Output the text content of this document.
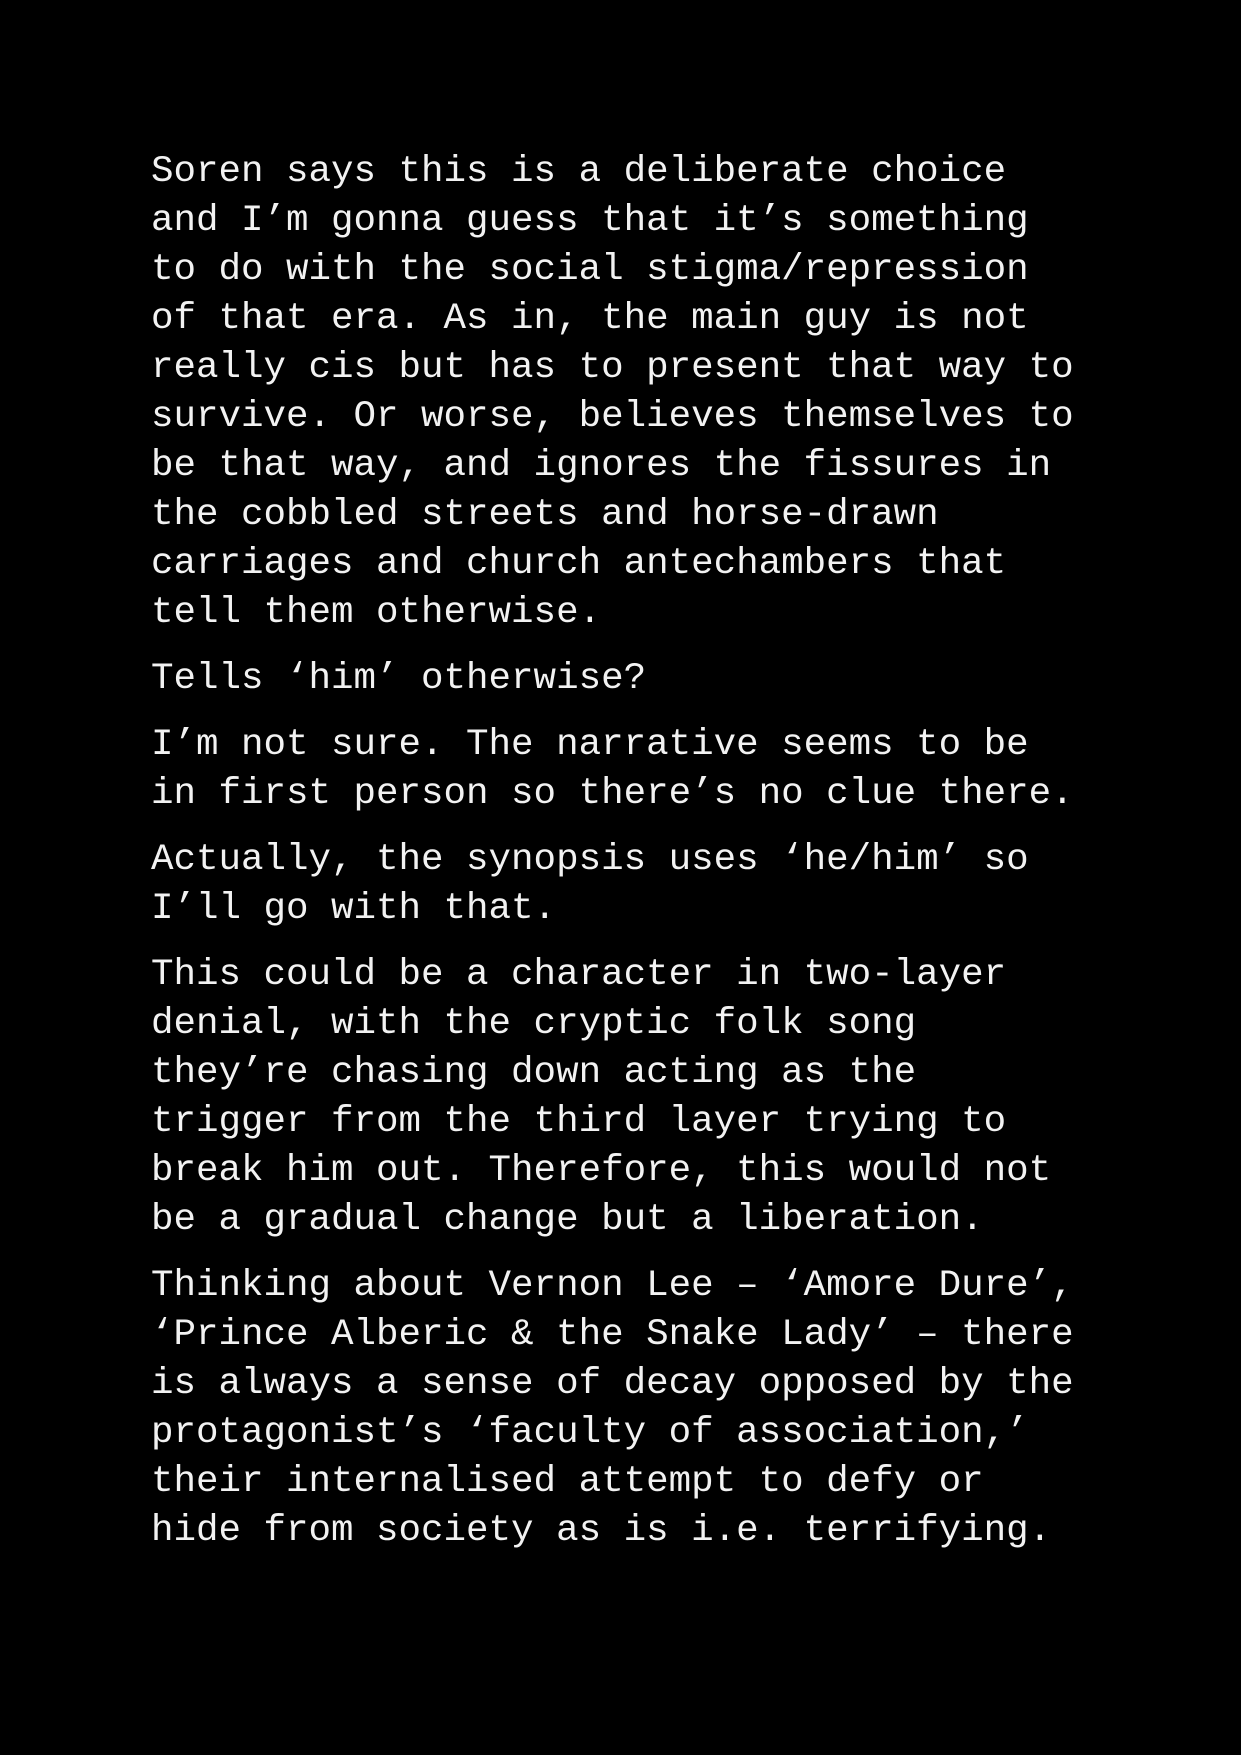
Soren says this is a deliberate choice
and I’m gonna guess that it’s something
to do with the social stigma/repression
of that era. As in, the main guy is not
really cis but has to present that way to
survive. Or worse, believes themselves to
be that way, and ignores the fissures in
the cobbled streets and horse-drawn
carriages and church antechambers that
tell them otherwise.

Tells ‘him’ otherwise?

I’m not sure. The narrative seems to be
in first person so there’s no clue there.

Actually, the synopsis uses ‘he/him’ so
I’ll go with that.

This could be a character in two-layer
denial, with the cryptic folk song
they’re chasing down acting as the
trigger from the third layer trying to
break him out. Therefore, this would not
be a gradual change but a liberation.

Thinking about Vernon Lee – ‘Amore Dure’,
‘Prince Alberic & the Snake Lady’ – there
is always a sense of decay opposed by the
protagonist’s ‘faculty of association,’
their internalised attempt to defy or
hide from society as is i.e. terrifying.
